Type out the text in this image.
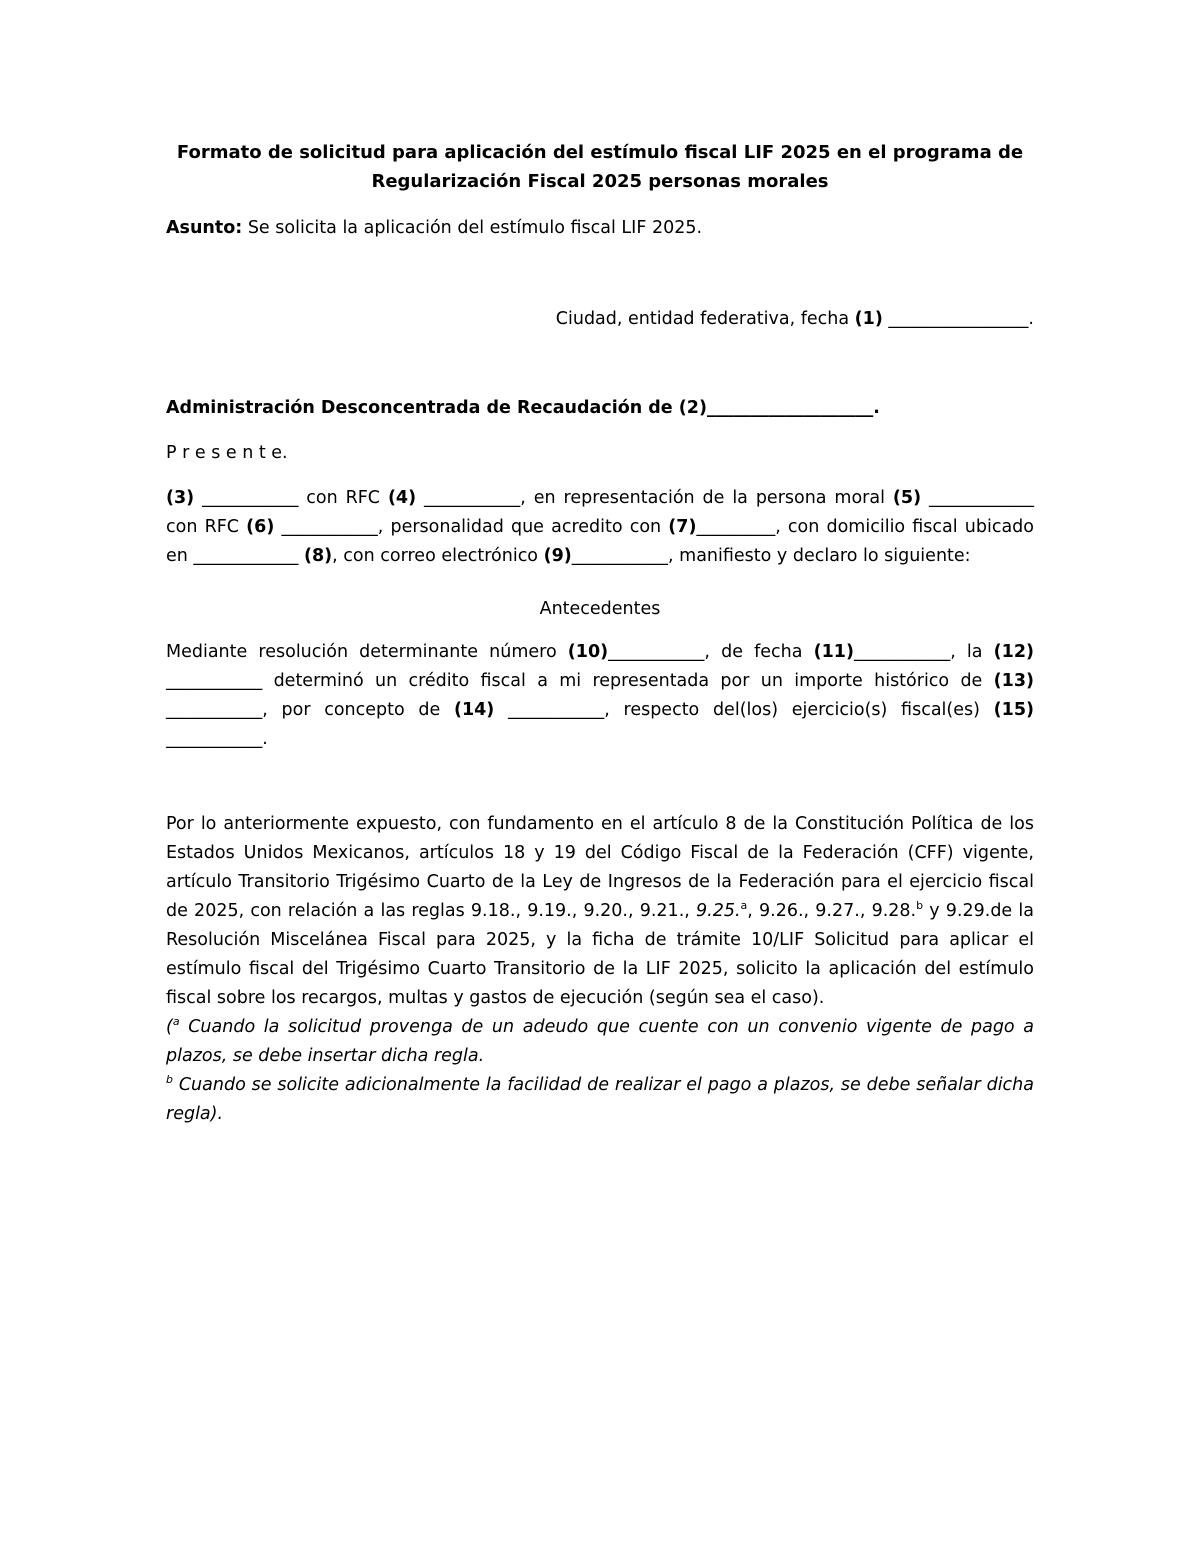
Formato de solicitud para aplicación del estímulo fiscal LIF 2025 en el programa de
Regularización Fiscal 2025 personas morales

Asunto: Se solicita la aplicación del estímulo fiscal LIF 2025.

Ciudad, entidad federativa, fecha (1) ________________.

Administración Desconcentrada de Recaudación de (2)___________________.

P r e s e n t e.

(3) ___________ con RFC (4) ___________, en representación de la persona moral (5) ____________ con RFC (6) ___________, personalidad que acredito con (7)_________, con domicilio fiscal ubicado en ____________ (8), con correo electrónico (9)___________, manifiesto y declaro lo siguiente:

Antecedentes

Mediante resolución determinante número (10)___________, de fecha (11)___________, la (12) ___________ determinó un crédito fiscal a mi representada por un importe histórico de (13) ___________, por concepto de (14) ___________, respecto del(los) ejercicio(s) fiscal(es) (15) ___________.

Por lo anteriormente expuesto, con fundamento en el artículo 8 de la Constitución Política de los Estados Unidos Mexicanos, artículos 18 y 19 del Código Fiscal de la Federación (CFF) vigente, artículo Transitorio Trigésimo Cuarto de la Ley de Ingresos de la Federación para el ejercicio fiscal de 2025, con relación a las reglas 9.18., 9.19., 9.20., 9.21., 9.25.$^a$, 9.26., 9.27., 9.28.$^b$ y 9.29.de la Resolución Miscelánea Fiscal para 2025, y la ficha de trámite 10/LIF Solicitud para aplicar el estímulo fiscal del Trigésimo Cuarto Transitorio de la LIF 2025, solicito la aplicación del estímulo fiscal sobre los recargos, multas y gastos de ejecución (según sea el caso).

($^a$ Cuando la solicitud provenga de un adeudo que cuente con un convenio vigente de pago a plazos, se debe insertar dicha regla.

$^b$ Cuando se solicite adicionalmente la facilidad de realizar el pago a plazos, se debe señalar dicha regla).
